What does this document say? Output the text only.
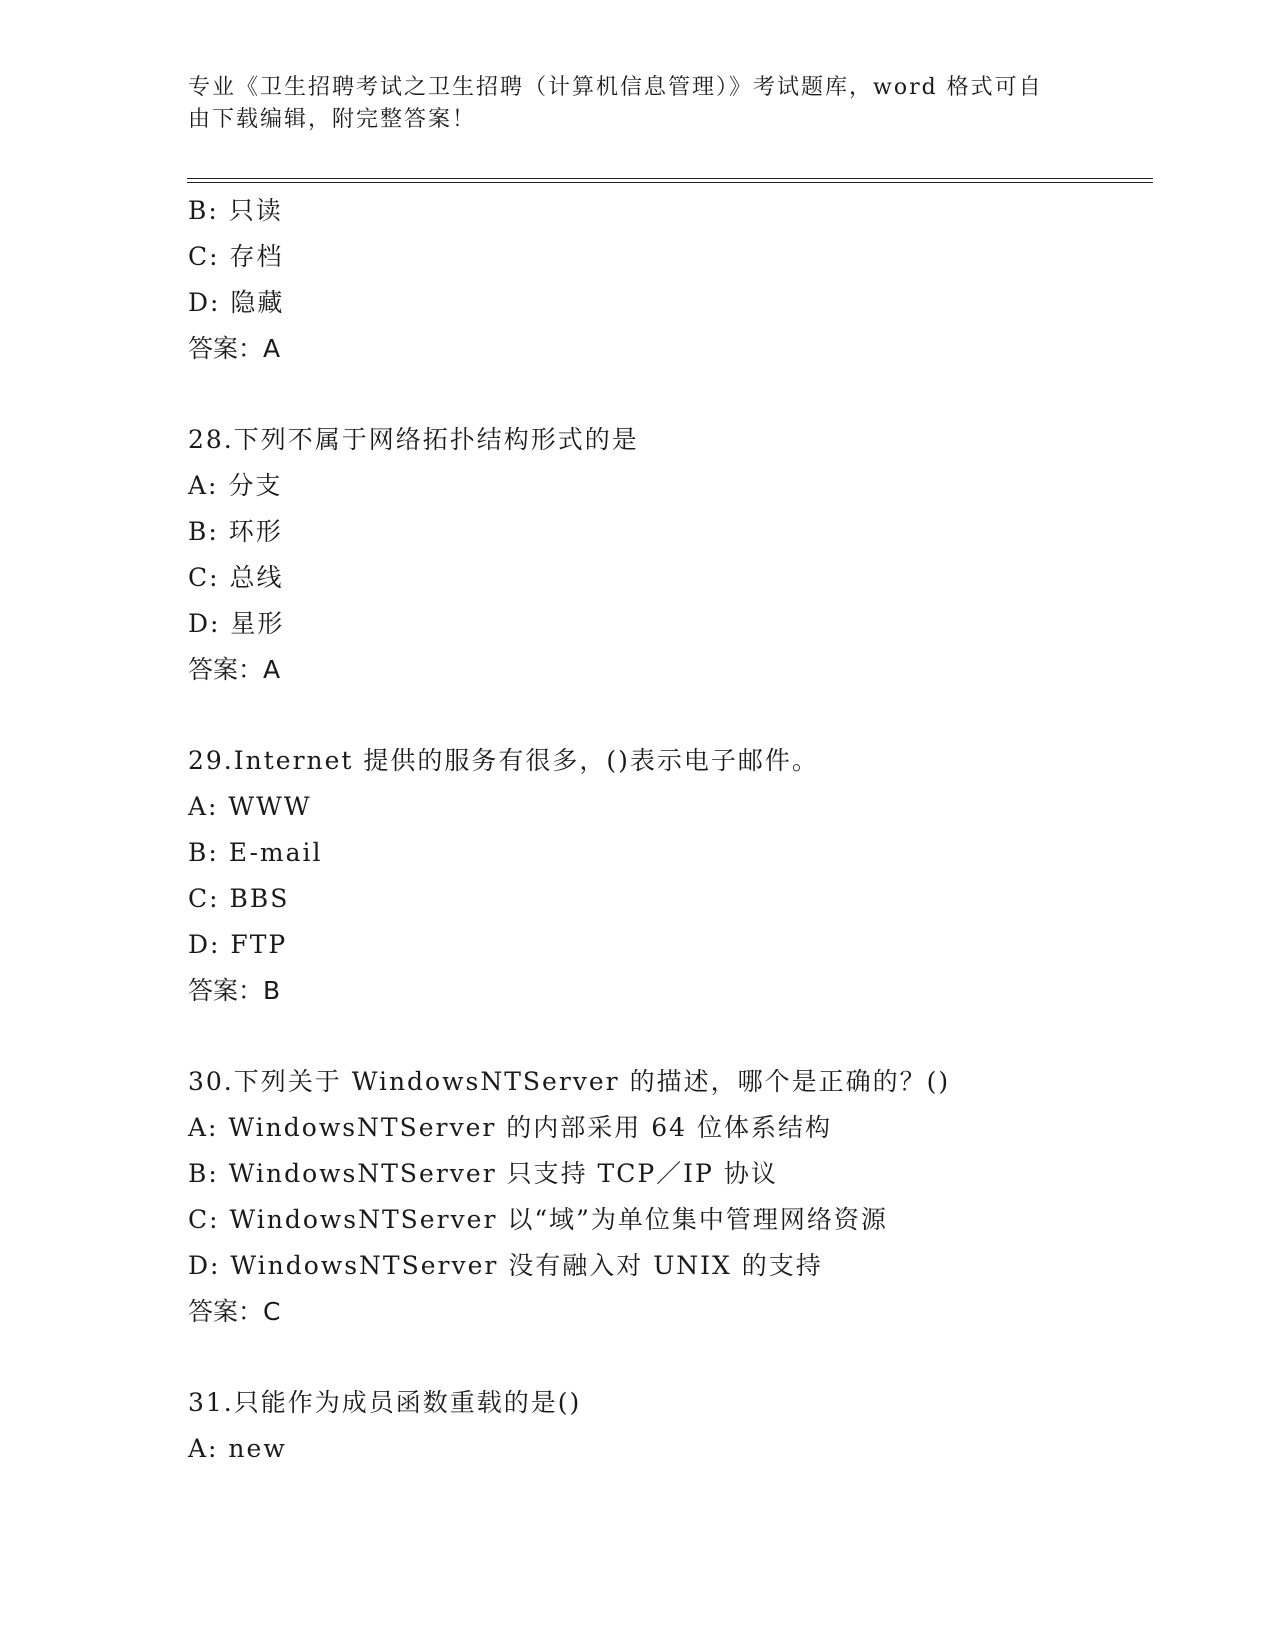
专业《卫生招聘考试之卫生招聘（计算机信息管理）》考试题库，word 格式可自
由下载编辑，附完整答案！
B: 只读
C: 存档
D: 隐藏
答案：A
28.下列不属于网络拓扑结构形式的是
A: 分支
B: 环形
C: 总线
D: 星形
答案：A
29.Internet 提供的服务有很多，()表示电子邮件。
A: WWW
B: E-mail
C: BBS
D: FTP
答案：B
30.下列关于 WindowsNTServer 的描述，哪个是正确的？()
A: WindowsNTServer 的内部采用 64 位体系结构
B: WindowsNTServer 只支持 TCP／IP 协议
C: WindowsNTServer 以“域”为单位集中管理网络资源
D: WindowsNTServer 没有融入对 UNIX 的支持
答案：C
31.只能作为成员函数重载的是()
A: new
